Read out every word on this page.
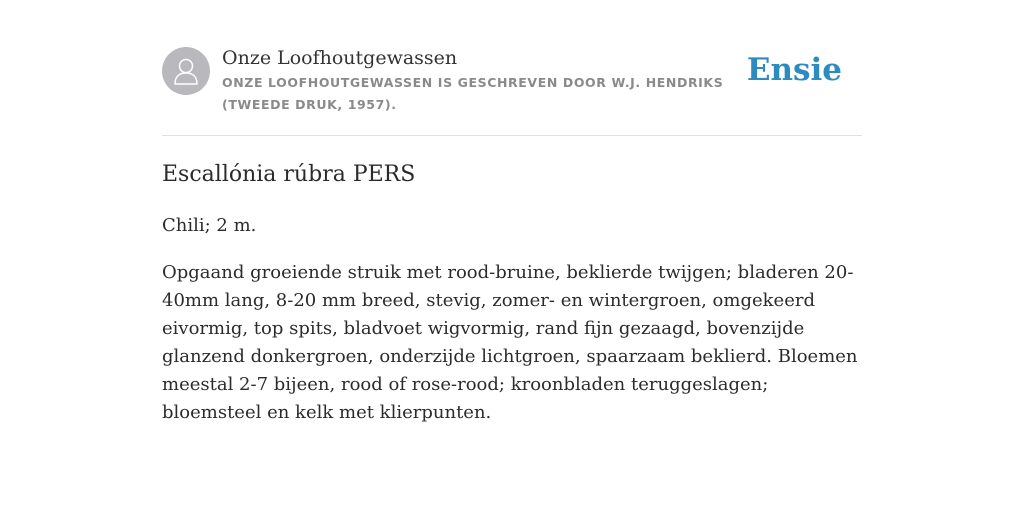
Onze Loofhoutgewassen
ONZE LOOFHOUTGEWASSEN IS GESCHREVEN DOOR W.J. HENDRIKS (TWEEDE DRUK, 1957).
Ensie
Escallónia rúbra PERS

Chili; 2 m.

Opgaand groeiende struik met rood-bruine, beklierde twijgen; bladeren 20-40mm lang, 8-20 mm breed, stevig, zomer- en wintergroen, omgekeerd eivormig, top spits, bladvoet wigvormig, rand fijn gezaagd, bovenzijde glanzend donkergroen, onderzijde lichtgroen, spaarzaam beklierd. Bloemen meestal 2-7 bijeen, rood of rose-rood; kroonbladen teruggeslagen; bloemsteel en kelk met klierpunten.
